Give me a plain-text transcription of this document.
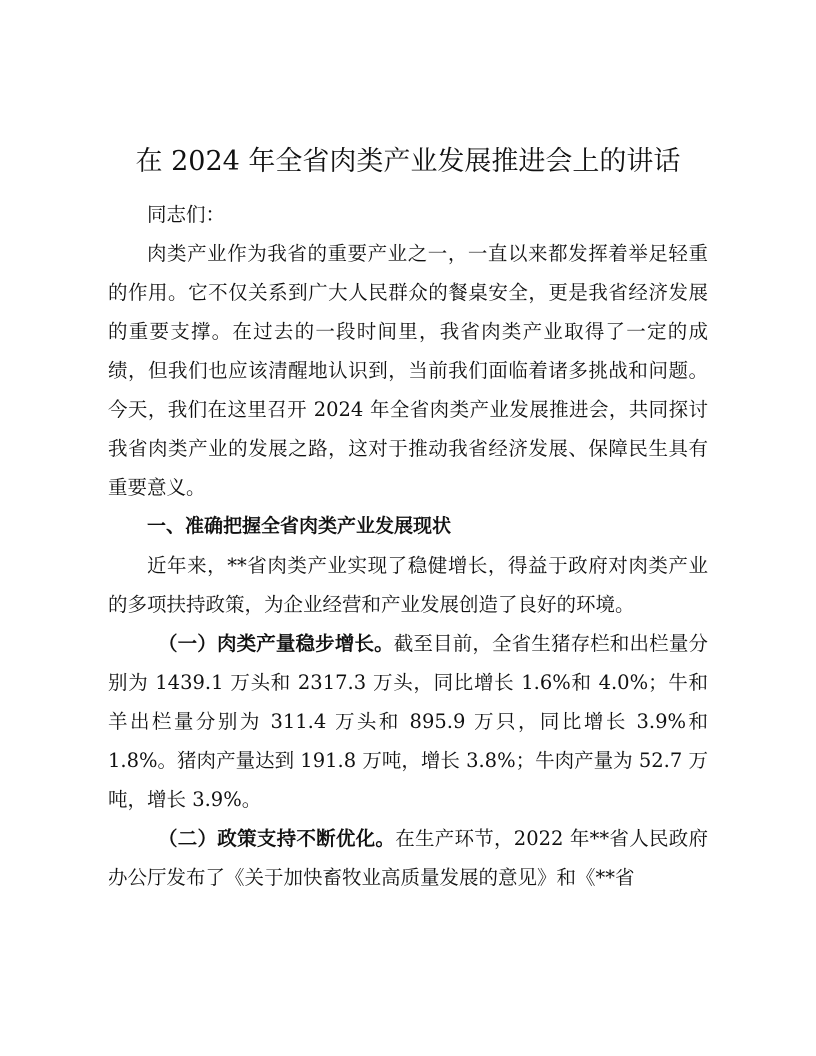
在 2024 年全省肉类产业发展推进会上的讲话

同志们：

肉类产业作为我省的重要产业之一，一直以来都发挥着举足轻重的作用。它不仅关系到广大人民群众的餐桌安全，更是我省经济发展的重要支撑。在过去的一段时间里，我省肉类产业取得了一定的成绩，但我们也应该清醒地认识到，当前我们面临着诸多挑战和问题。今天，我们在这里召开 2024 年全省肉类产业发展推进会，共同探讨我省肉类产业的发展之路，这对于推动我省经济发展、保障民生具有重要意义。

一、准确把握全省肉类产业发展现状

近年来，**省肉类产业实现了稳健增长，得益于政府对肉类产业的多项扶持政策，为企业经营和产业发展创造了良好的环境。

（一）肉类产量稳步增长。截至目前，全省生猪存栏和出栏量分别为 1439.1 万头和 2317.3 万头，同比增长 1.6%和 4.0%；牛和羊出栏量分别为 311.4 万头和 895.9 万只，同比增长 3.9%和 1.8%。猪肉产量达到 191.8 万吨，增长 3.8%；牛肉产量为 52.7 万吨，增长 3.9%。

（二）政策支持不断优化。在生产环节，2022 年**省人民政府办公厅发布了《关于加快畜牧业高质量发展的意见》和《**省
